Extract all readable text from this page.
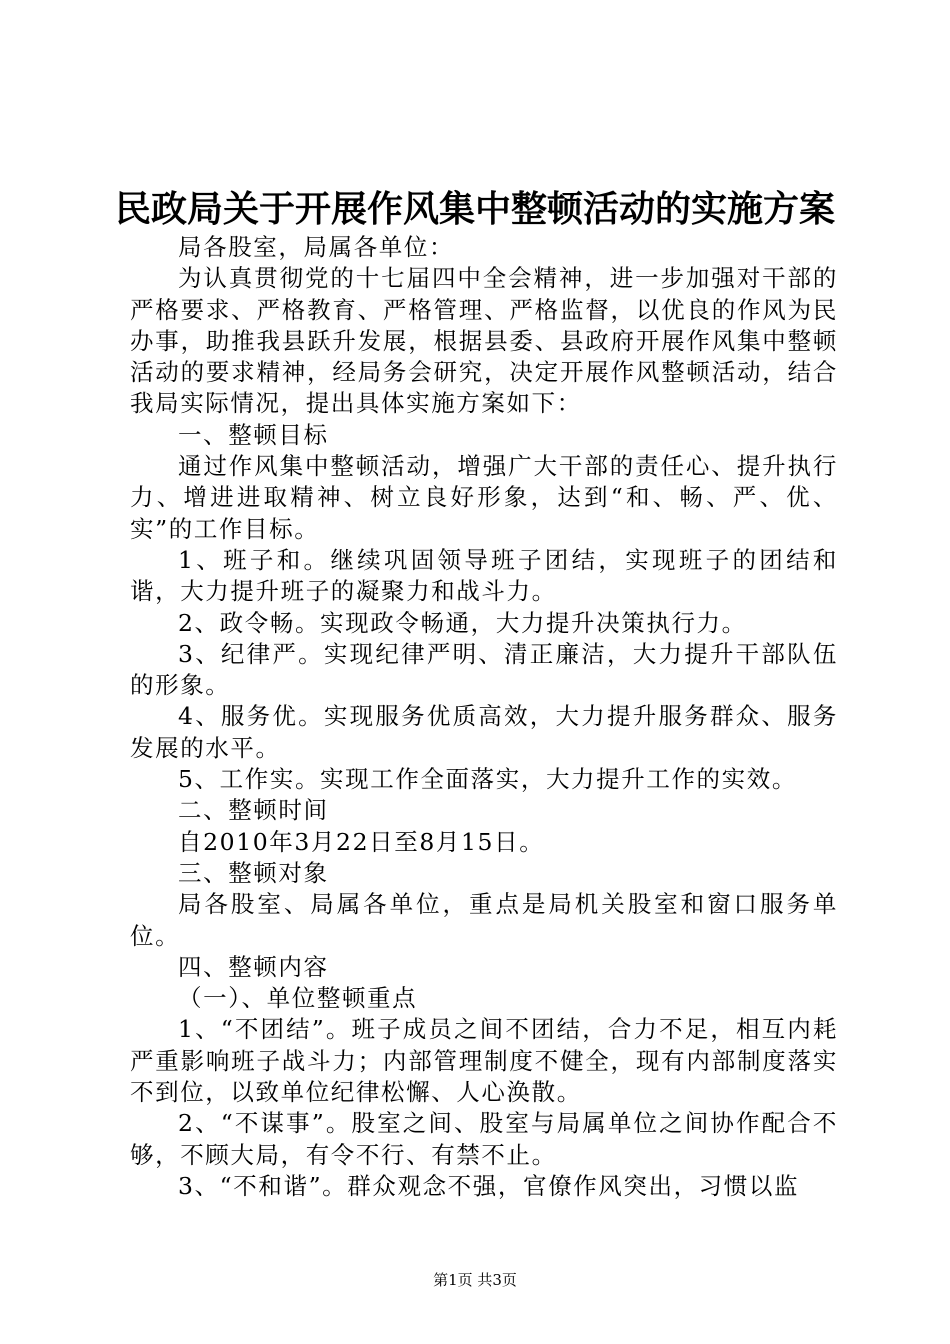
民政局关于开展作风集中整顿活动的实施方案

局各股室，局属各单位：

为认真贯彻党的十七届四中全会精神，进一步加强对干部的严格要求、严格教育、严格管理、严格监督，以优良的作风为民办事，助推我县跃升发展，根据县委、县政府开展作风集中整顿活动的要求精神，经局务会研究，决定开展作风整顿活动，结合我局实际情况，提出具体实施方案如下：

一、整顿目标

通过作风集中整顿活动，增强广大干部的责任心、提升执行力、增进进取精神、树立良好形象，达到“和、畅、严、优、实”的工作目标。

1、班子和。继续巩固领导班子团结，实现班子的团结和谐，大力提升班子的凝聚力和战斗力。

2、政令畅。实现政令畅通，大力提升决策执行力。

3、纪律严。实现纪律严明、清正廉洁，大力提升干部队伍的形象。

4、服务优。实现服务优质高效，大力提升服务群众、服务发展的水平。

5、工作实。实现工作全面落实，大力提升工作的实效。

二、整顿时间

自2010年3月22日至8月15日。

三、整顿对象

局各股室、局属各单位，重点是局机关股室和窗口服务单位。

四、整顿内容

（一）、单位整顿重点

1、“不团结”。班子成员之间不团结，合力不足，相互内耗严重影响班子战斗力；内部管理制度不健全，现有内部制度落实不到位，以致单位纪律松懈、人心涣散。

2、“不谋事”。股室之间、股室与局属单位之间协作配合不够，不顾大局，有令不行、有禁不止。

3、“不和谐”。群众观念不强，官僚作风突出，习惯以监

第1页 共3页
